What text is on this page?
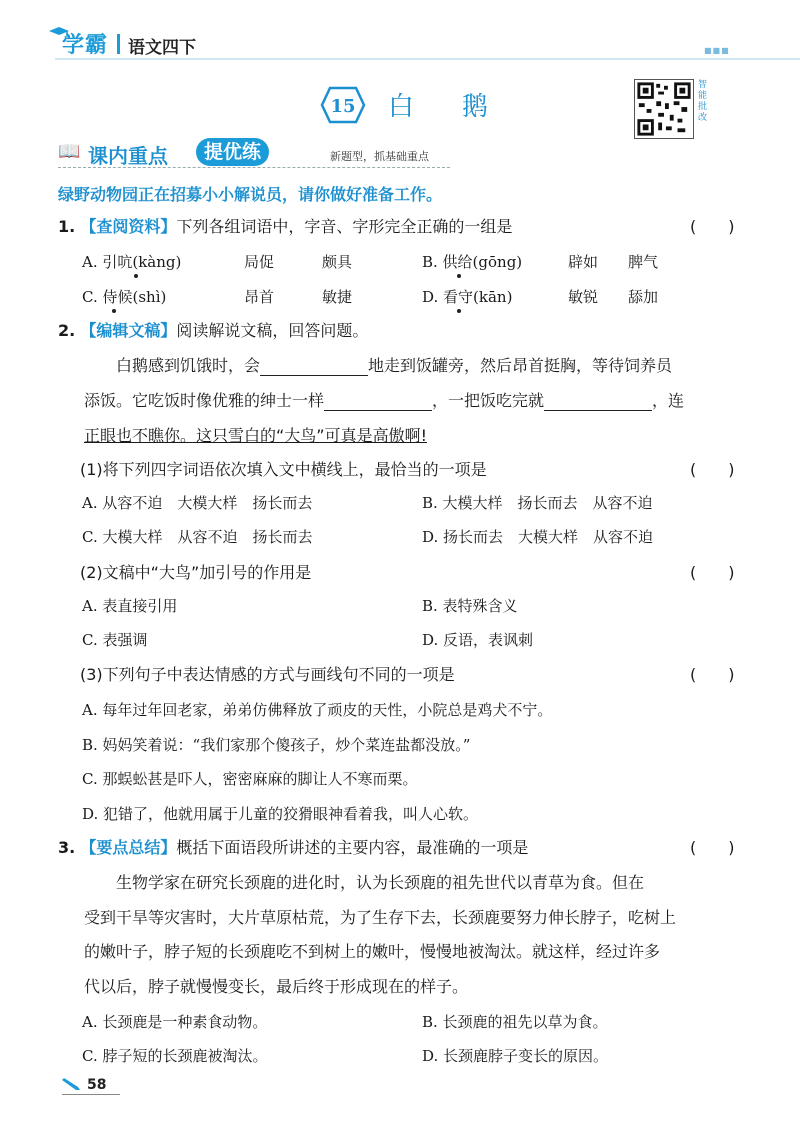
学霸 语文四下	■■■
15 白鹅
智能批改
📖 课内重点	提优练	新题型，抓基础重点
绿野动物园正在招募小小解说员，请你做好准备工作。
1. 【查阅资料】下列各组词语中，字音、字形完全正确的一组是	(　　)
A. 引吭(kàng)	局促	颇具	B. 供给(gōng)	辟如 脾气
C. 侍候(shì)	昂首	敏捷	D. 看守(kān)	敏锐 舔加
2. 【编辑文稿】阅读解说文稿，回答问题。
白鹅感到饥饿时，会	地走到饭罐旁，然后昂首挺胸，等待饲养员
添饭。它吃饭时像优雅的绅士一样	，一把饭吃完就	，连
正眼也不瞧你。这只雪白的“大鸟”可真是高傲啊!
(1)将下列四字词语依次填入文中横线上，最恰当的一项是	(　　)
A. 从容不迫　大模大样　扬长而去	B. 大模大样　扬长而去　从容不迫
C. 大模大样　从容不迫　扬长而去	D. 扬长而去　大模大样　从容不迫
(2)文稿中“大鸟”加引号的作用是	(　　)
A. 表直接引用	B. 表特殊含义
C. 表强调	D. 反语，表讽刺
(3)下列句子中表达情感的方式与画线句不同的一项是	(　　)
A. 每年过年回老家，弟弟仿佛释放了顽皮的天性，小院总是鸡犬不宁。
B. 妈妈笑着说：“我们家那个傻孩子，炒个菜连盐都没放。”
C. 那蜈蚣甚是吓人，密密麻麻的脚让人不寒而栗。
D. 犯错了，他就用属于儿童的狡猾眼神看着我，叫人心软。
3. 【要点总结】概括下面语段所讲述的主要内容，最准确的一项是	(　　)
生物学家在研究长颈鹿的进化时，认为长颈鹿的祖先世代以青草为食。但在
受到干旱等灾害时，大片草原枯荒，为了生存下去，长颈鹿要努力伸长脖子，吃树上
的嫩叶子，脖子短的长颈鹿吃不到树上的嫩叶，慢慢地被淘汰。就这样，经过许多
代以后，脖子就慢慢变长，最后终于形成现在的样子。
A. 长颈鹿是一种素食动物。	B. 长颈鹿的祖先以草为食。
C. 脖子短的长颈鹿被淘汰。	D. 长颈鹿脖子变长的原因。
58
